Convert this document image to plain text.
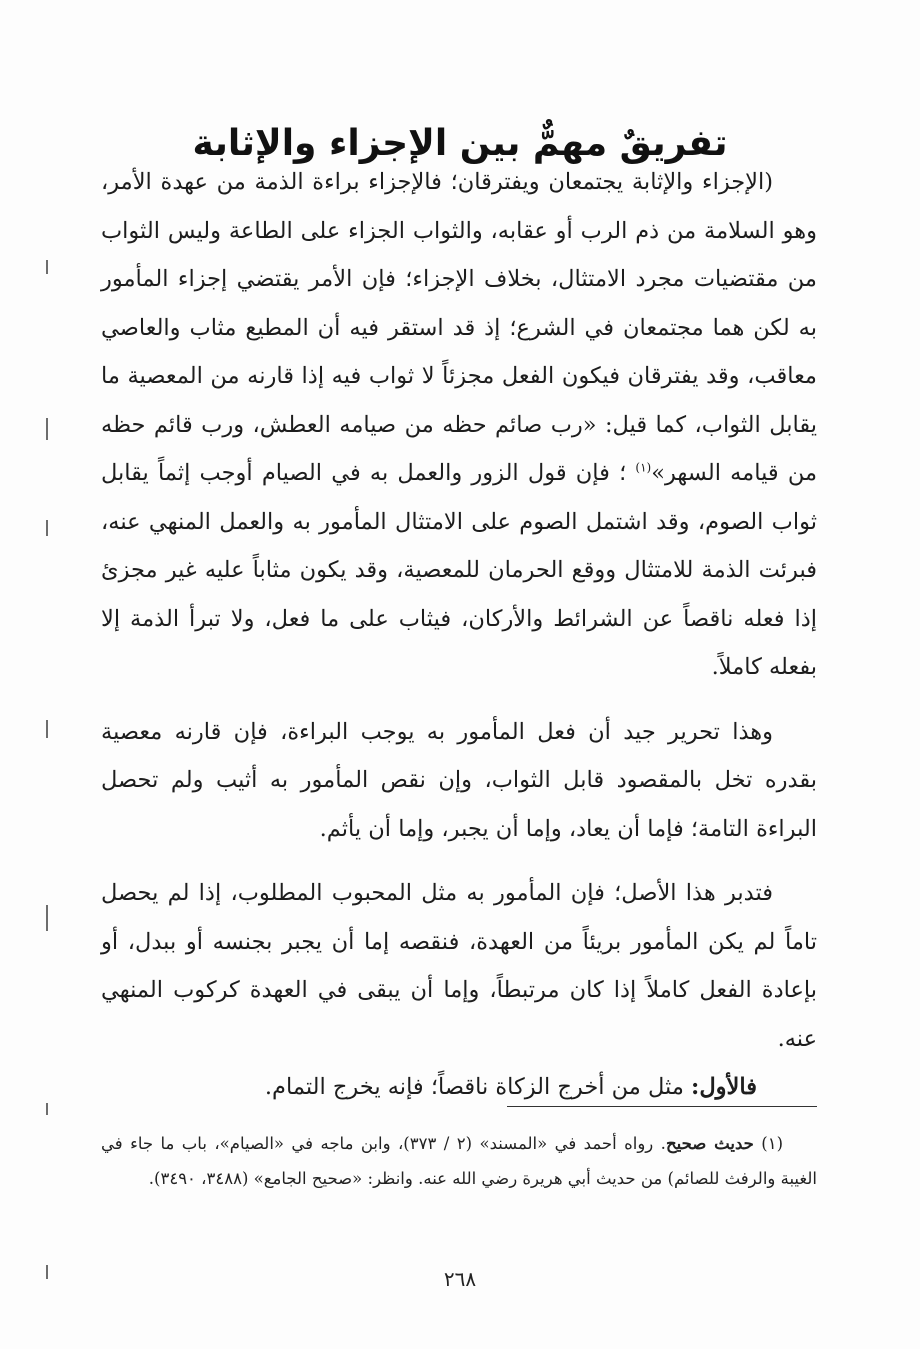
تفريقٌ مهمٌّ بين الإجزاء والإثابة

(الإجزاء والإثابة يجتمعان ويفترقان؛ فالإجزاء براءة الذمة من عهدة الأمر، وهو السلامة من ذم الرب أو عقابه، والثواب الجزاء على الطاعة وليس الثواب من مقتضيات مجرد الامتثال، بخلاف الإجزاء؛ فإن الأمر يقتضي إجزاء المأمور به لكن هما مجتمعان في الشرع؛ إذ قد استقر فيه أن المطيع مثاب والعاصي معاقب، وقد يفترقان فيكون الفعل مجزئاً لا ثواب فيه إذا قارنه من المعصية ما يقابل الثواب، كما قيل: «رب صائم حظه من صيامه العطش، ورب قائم حظه من قيامه السهر»$^{(١)}$ ؛ فإن قول الزور والعمل به في الصيام أوجب إثماً يقابل ثواب الصوم، وقد اشتمل الصوم على الامتثال المأمور به والعمل المنهي عنه، فبرئت الذمة للامتثال ووقع الحرمان للمعصية، وقد يكون مثاباً عليه غير مجزئ إذا فعله ناقصاً عن الشرائط والأركان، فيثاب على ما فعل، ولا تبرأ الذمة إلا بفعله كاملاً.

وهذا تحرير جيد أن فعل المأمور به يوجب البراءة، فإن قارنه معصية بقدره تخل بالمقصود قابل الثواب، وإن نقص المأمور به أثيب ولم تحصل البراءة التامة؛ فإما أن يعاد، وإما أن يجبر، وإما أن يأثم.

فتدبر هذا الأصل؛ فإن المأمور به مثل المحبوب المطلوب، إذا لم يحصل تاماً لم يكن المأمور بريئاً من العهدة، فنقصه إما أن يجبر بجنسه أو ببدل، أو بإعادة الفعل كاملاً إذا كان مرتبطاً، وإما أن يبقى في العهدة كركوب المنهي عنه.

فالأول: مثل من أخرج الزكاة ناقصاً؛ فإنه يخرج التمام.

(١) حديث صحيح. رواه أحمد في «المسند» (٢ / ٣٧٣)، وابن ماجه في «الصيام»، باب ما جاء في الغيبة والرفث للصائم) من حديث أبي هريرة رضي الله عنه. وانظر: «صحيح الجامع» (٣٤٨٨، ٣٤٩٠).

٢٦٨
